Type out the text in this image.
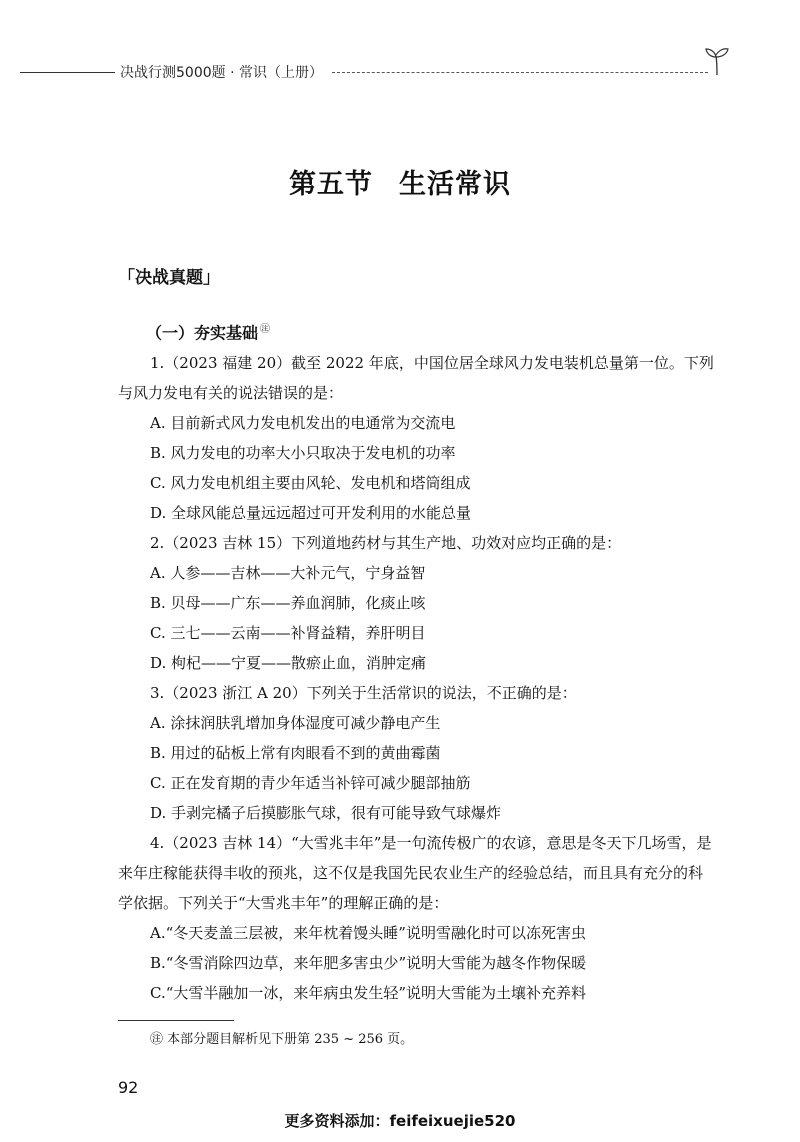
决战行测5000题 · 常识（上册）
第五节 生活常识
「决战真题」
（一）夯实基础 ㊟

1.（2023 福建 20）截至 2022 年底，中国位居全球风力发电装机总量第一位。下列与风力发电有关的说法错误的是：

A. 目前新式风力发电机发出的电通常为交流电

B. 风力发电的功率大小只取决于发电机的功率

C. 风力发电机组主要由风轮、发电机和塔筒组成

D. 全球风能总量远远超过可开发利用的水能总量

2.（2023 吉林 15）下列道地药材与其生产地、功效对应均正确的是：

A. 人参——吉林——大补元气，宁身益智

B. 贝母——广东——养血润肺，化痰止咳

C. 三七——云南——补肾益精，养肝明目

D. 枸杞——宁夏——散瘀止血，消肿定痛

3.（2023 浙江 A 20）下列关于生活常识的说法，不正确的是：

A. 涂抹润肤乳增加身体湿度可减少静电产生

B. 用过的砧板上常有肉眼看不到的黄曲霉菌

C. 正在发育期的青少年适当补锌可减少腿部抽筋

D. 手剥完橘子后摸膨胀气球，很有可能导致气球爆炸

4.（2023 吉林 14）“大雪兆丰年”是一句流传极广的农谚，意思是冬天下几场雪，是来年庄稼能获得丰收的预兆，这不仅是我国先民农业生产的经验总结，而且具有充分的科学依据。下列关于“大雪兆丰年”的理解正确的是：

A.“冬天麦盖三层被，来年枕着馒头睡”说明雪融化时可以冻死害虫

B.“冬雪消除四边草，来年肥多害虫少”说明大雪能为越冬作物保暖

C.“大雪半融加一冰，来年病虫发生轻”说明大雪能为土壤补充养料

㊟ 本部分题目解析见下册第 235 ~ 256 页。
92
更多资料添加：feifeixuejie520
